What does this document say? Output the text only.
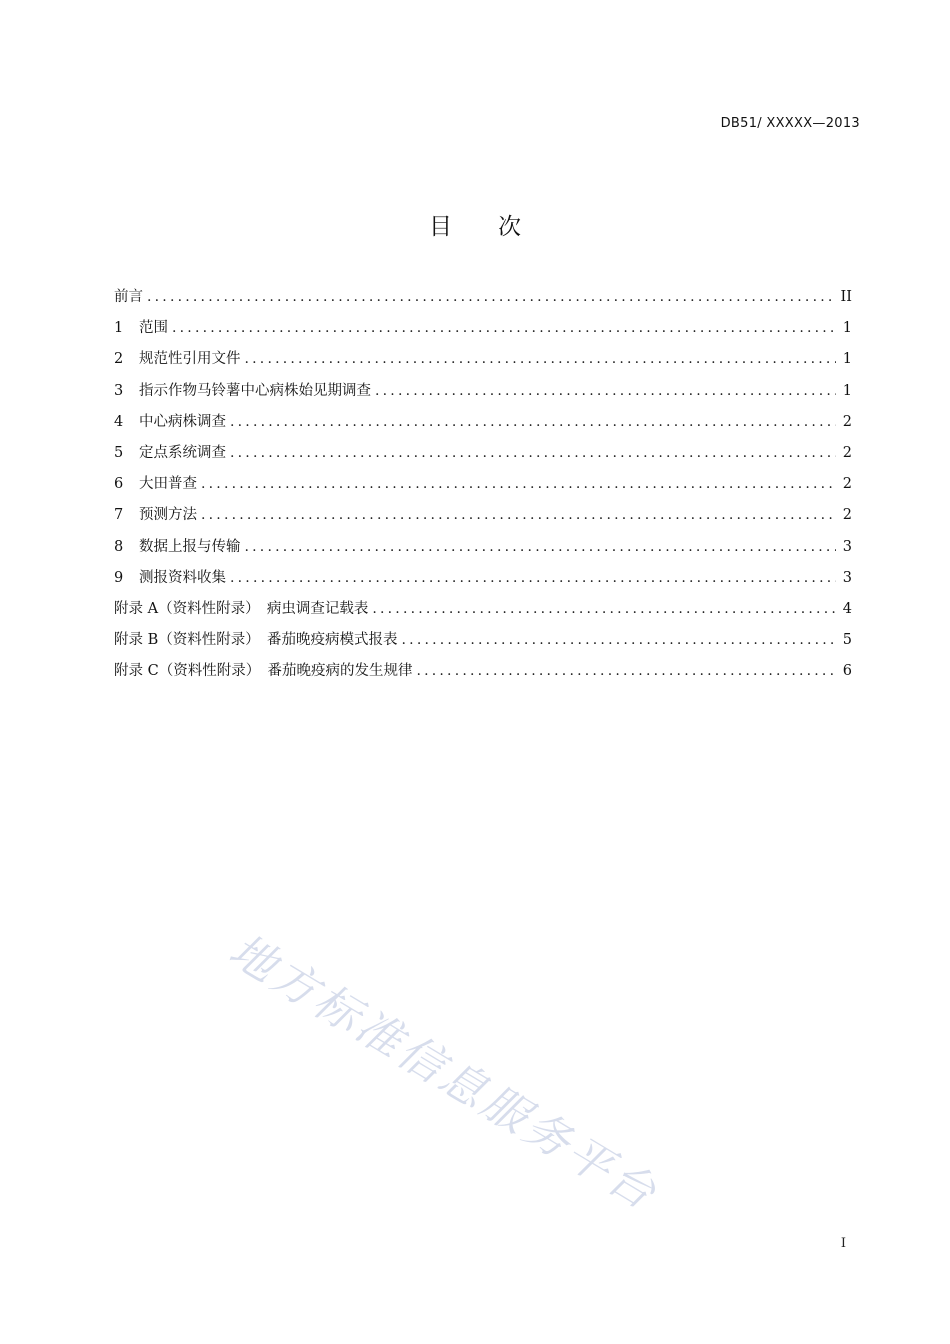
DB51/ XXXXX—2013
目　　次
前言 .....	II
1	范围 .....	1
2	规范性引用文件 .....	1
3	指示作物马铃薯中心病株始见期调查 .....	1
4	中心病株调查 .....	2
5	定点系统调查 .....	2
6	大田普查 .....	2
7	预测方法 .....	2
8	数据上报与传输 .....	3
9	测报资料收集 .....	3
附录 A（资料性附录）　病虫调查记载表 .....	4
附录 B（资料性附录）　番茄晚疫病模式报表 .....	5
附录 C（资料性附录）　番茄晚疫病的发生规律 .....	6
地方标准信息服务平台
I
